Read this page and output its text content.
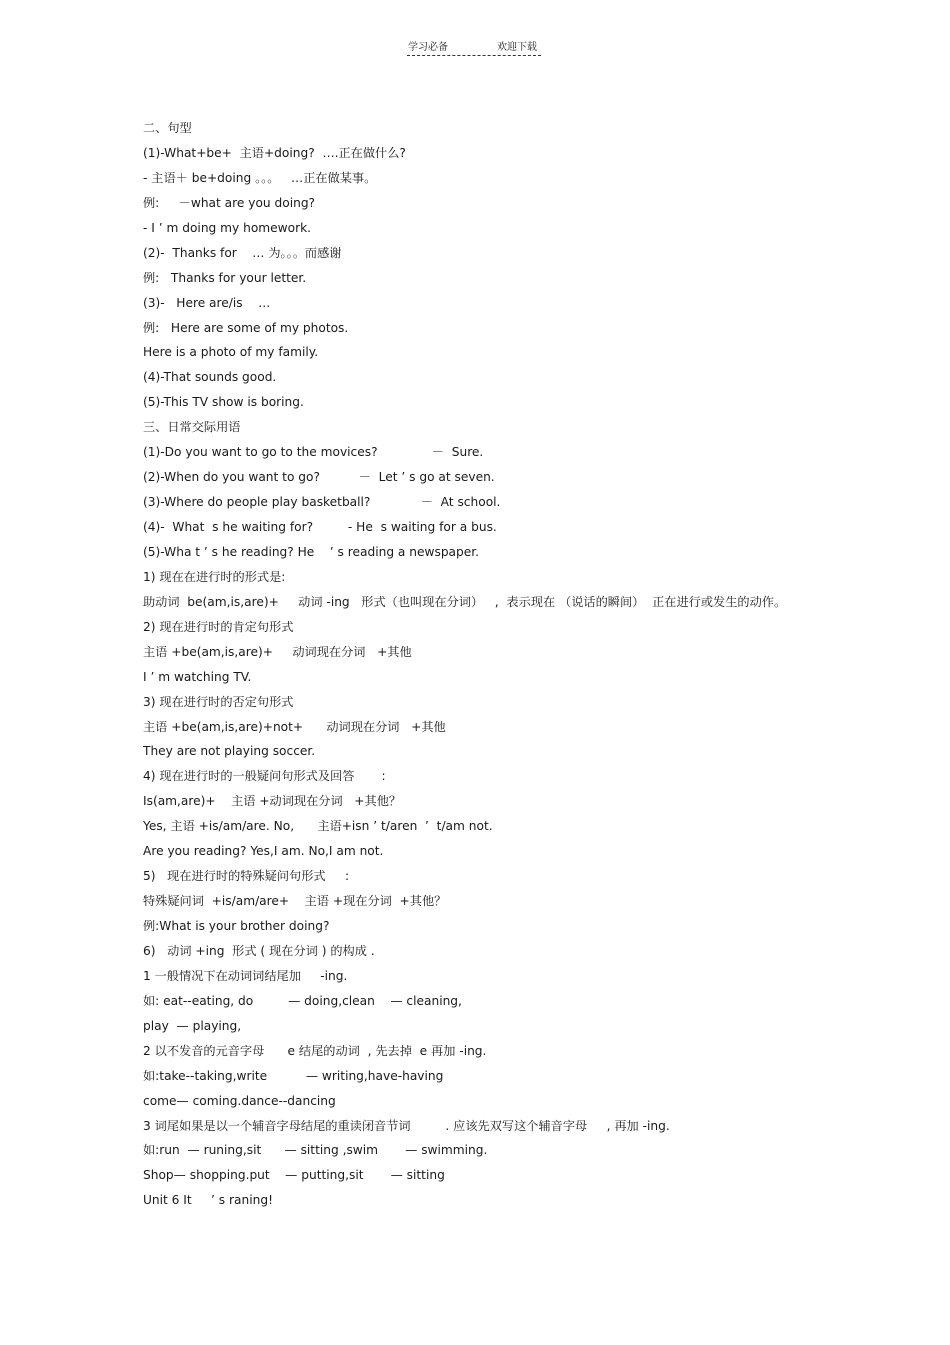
学习必备	欢迎下载
二、句型
(1)-What+be+  主语+doing?  ….正在做什么?
- 主语＋ be+doing 。。。   …正在做某事。
例:     －what are you doing?
- I ’ m doing my homework.
(2)-  Thanks for    … 为。。。而感谢
例:   Thanks for your letter.
(3)-   Here are/is    …
例:   Here are some of my photos.
Here is a photo of my family.
(4)-That sounds good.
(5)-This TV show is boring.
三、日常交际用语
(1)-Do you want to go to the movices?              －  Sure.
(2)-When do you want to go?          －  Let ’ s go at seven.
(3)-Where do people play basketball?             －  At school.
(4)-  What  s he waiting for?         - He  s waiting for a bus.
(5)-Wha t ’ s he reading? He    ’ s reading a newspaper.
1) 现在在进行时的形式是:
助动词  be(am,is,are)+     动词 -ing   形式（也叫现在分词）   ,  表示现在 （说话的瞬间）  正在进行或发生的动作。
2) 现在进行时的肯定句形式
主语 +be(am,is,are)+     动词现在分词   +其他
I ’ m watching TV.
3) 现在进行时的否定句形式
主语 +be(am,is,are)+not+      动词现在分词   +其他
They are not playing soccer.
4) 现在进行时的一般疑问句形式及回答       :
Is(am,are)+    主语 +动词现在分词   +其他？
Yes, 主语 +is/am/are. No,      主语+isn ’ t/aren  ’  t/am not.
Are you reading? Yes,I am. No,I am not.
5)   现在进行时的特殊疑问句形式     :
特殊疑问词  +is/am/are+    主语 +现在分词  +其他？
例:What is your brother doing?
6)   动词 +ing  形式 ( 现在分词 ) 的构成 .
1 一般情况下在动词词结尾加     -ing.
如: eat--eating, do         — doing,clean    — cleaning,
play  — playing,
2 以不发音的元音字母      e 结尾的动词  , 先去掉  e 再加 -ing.
如:take--taking,write          — writing,have-having
come— coming.dance--dancing
3 词尾如果是以一个辅音字母结尾的重读闭音节词         . 应该先双写这个辅音字母     , 再加 -ing.
如:run  — runing,sit      — sitting ,swim       — swimming.
Shop— shopping.put    — putting,sit       — sitting
Unit 6 It     ’ s raning!
